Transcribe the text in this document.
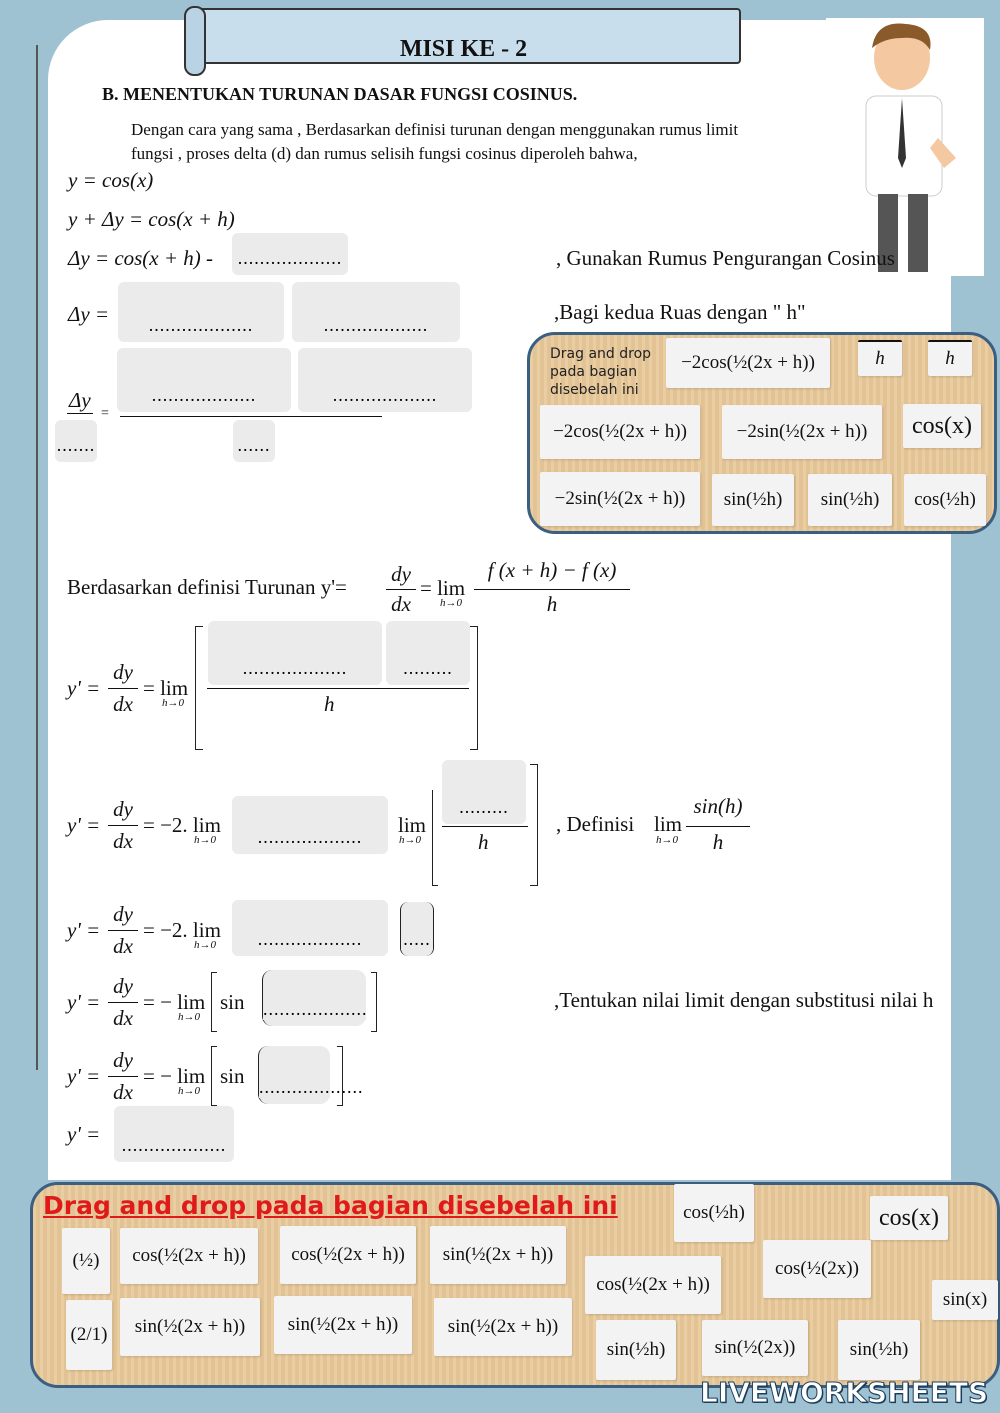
MISI KE - 2
B. MENENTUKAN TURUNAN DASAR FUNGSI COSINUS.
Dengan cara yang sama , Berdasarkan definisi turunan dengan menggunakan rumus limit
fungsi , proses delta (d) dan rumus selisih fungsi cosinus diperoleh bahwa,
y = cos(x)
y + Δy = cos(x + h)
Δy = cos(x + h) -	...................	, Gunakan Rumus Pengurangan Cosinus
Δy =	...................	...................
,Bagi kedua Ruas dengan " h"
Δy
=
...................	...................
.......	......
Drag and drop pada bagian disebelah ini
−2cos(½(2x + h))	h	h
−2cos(½(2x + h))	−2sin(½(2x + h))	cos(x)
−2sin(½(2x + h))	sin(½h)	sin(½h)	cos(½h)
Berdasarkan definisi Turunan y'=
dy
dx
= lim
h→0
f (x + h) − f (x)
h
y' =
dy
dx
= lim
h→0
...................	.........
h
y' =
dy
dx
= −2. lim
h→0	...................	lim
h→0
.........
h
, Definisi lim
h→0
sin(h)
h
y' =
dy
dx
= −2. lim
h→0	...................	.....
y' =
dy
dx
= − lim
h→0
sin ...................	,Tentukan nilai limit dengan substitusi nilai h
y' =
dy
dx
= − lim
h→0
sin ...................
y' =	...................
Drag and drop pada bagian disebelah ini	cos(½h)	cos(x)
(½)	cos(½(2x + h))	cos(½(2x + h))	sin(½(2x + h))
cos(½(2x + h))
cos(½(2x))
sin(x)
(2/1)	sin(½(2x + h))	sin(½(2x + h))	sin(½(2x + h))
sin(½h)	sin(½(2x))	sin(½h)
LIVEWORKSHEETS
